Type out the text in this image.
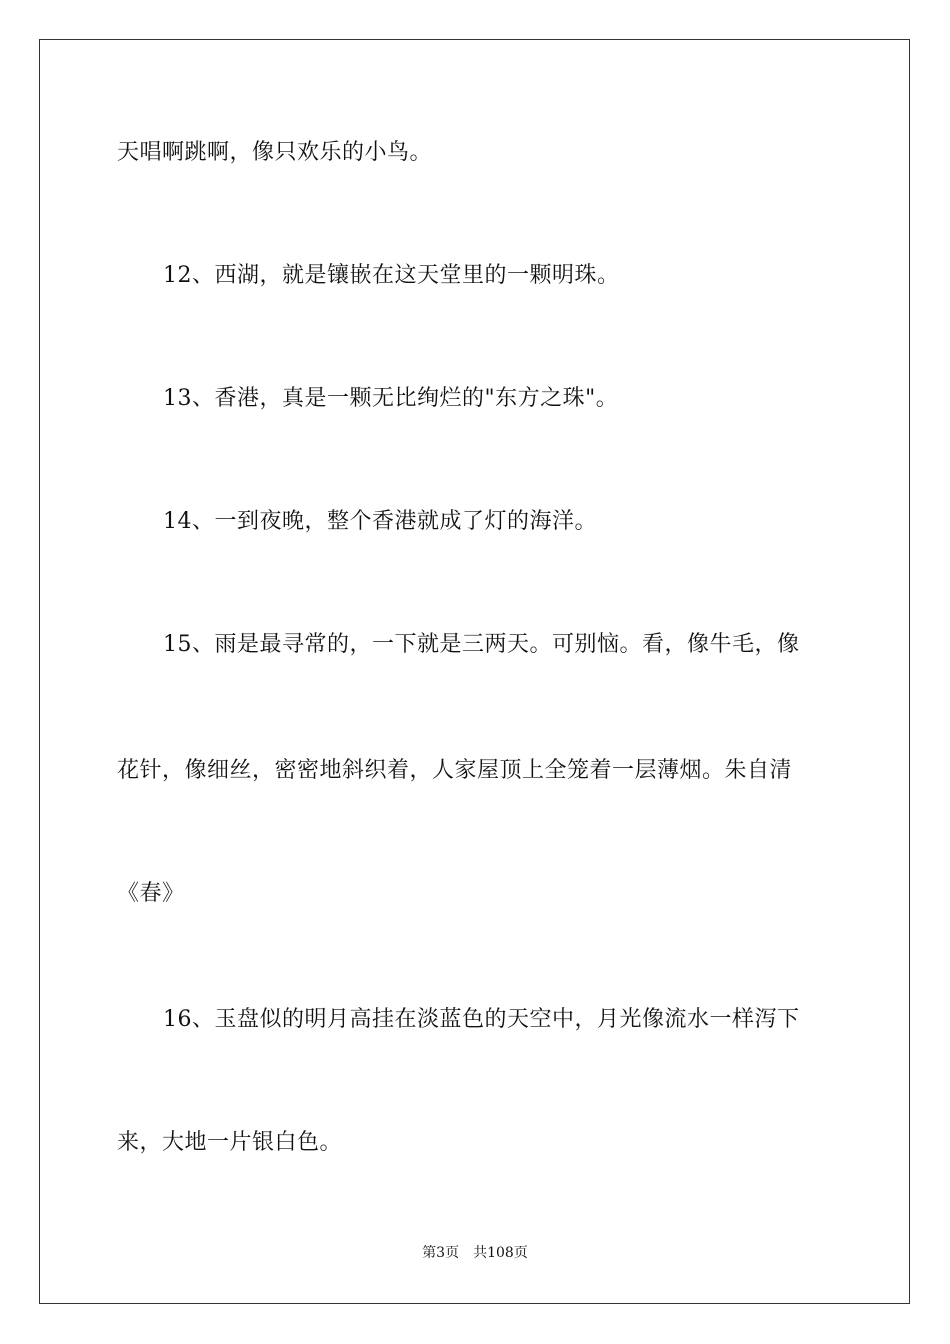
天唱啊跳啊，像只欢乐的小鸟。
12、西湖，就是镶嵌在这天堂里的一颗明珠。
13、香港，真是一颗无比绚烂的"东方之珠"。
14、一到夜晚，整个香港就成了灯的海洋。
15、雨是最寻常的，一下就是三两天。可别恼。看，像牛毛，像
花针，像细丝，密密地斜织着，人家屋顶上全笼着一层薄烟。朱自清
《春》
16、玉盘似的明月高挂在淡蓝色的天空中，月光像流水一样泻下
来，大地一片银白色。
第3页 共108页
